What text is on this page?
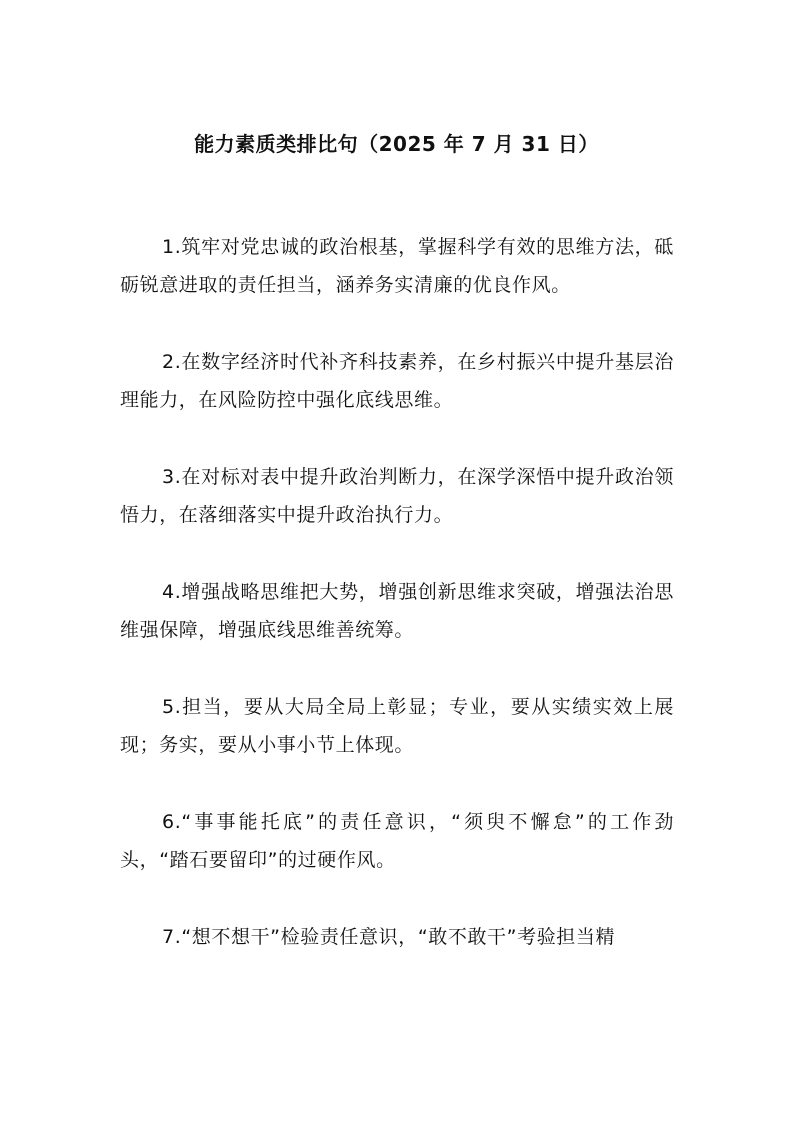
能力素质类排比句（2025 年 7 月 31 日）

1.筑牢对党忠诚的政治根基，掌握科学有效的思维方法，砥砺锐意进取的责任担当，涵养务实清廉的优良作风。

2.在数字经济时代补齐科技素养，在乡村振兴中提升基层治理能力，在风险防控中强化底线思维。

3.在对标对表中提升政治判断力，在深学深悟中提升政治领悟力，在落细落实中提升政治执行力。

4.增强战略思维把大势，增强创新思维求突破，增强法治思维强保障，增强底线思维善统筹。

5.担当，要从大局全局上彰显；专业，要从实绩实效上展现；务实，要从小事小节上体现。

6.“事事能托底”的责任意识，“须臾不懈怠”的工作劲头，“踏石要留印”的过硬作风。

7.“想不想干”检验责任意识，“敢不敢干”考验担当精
